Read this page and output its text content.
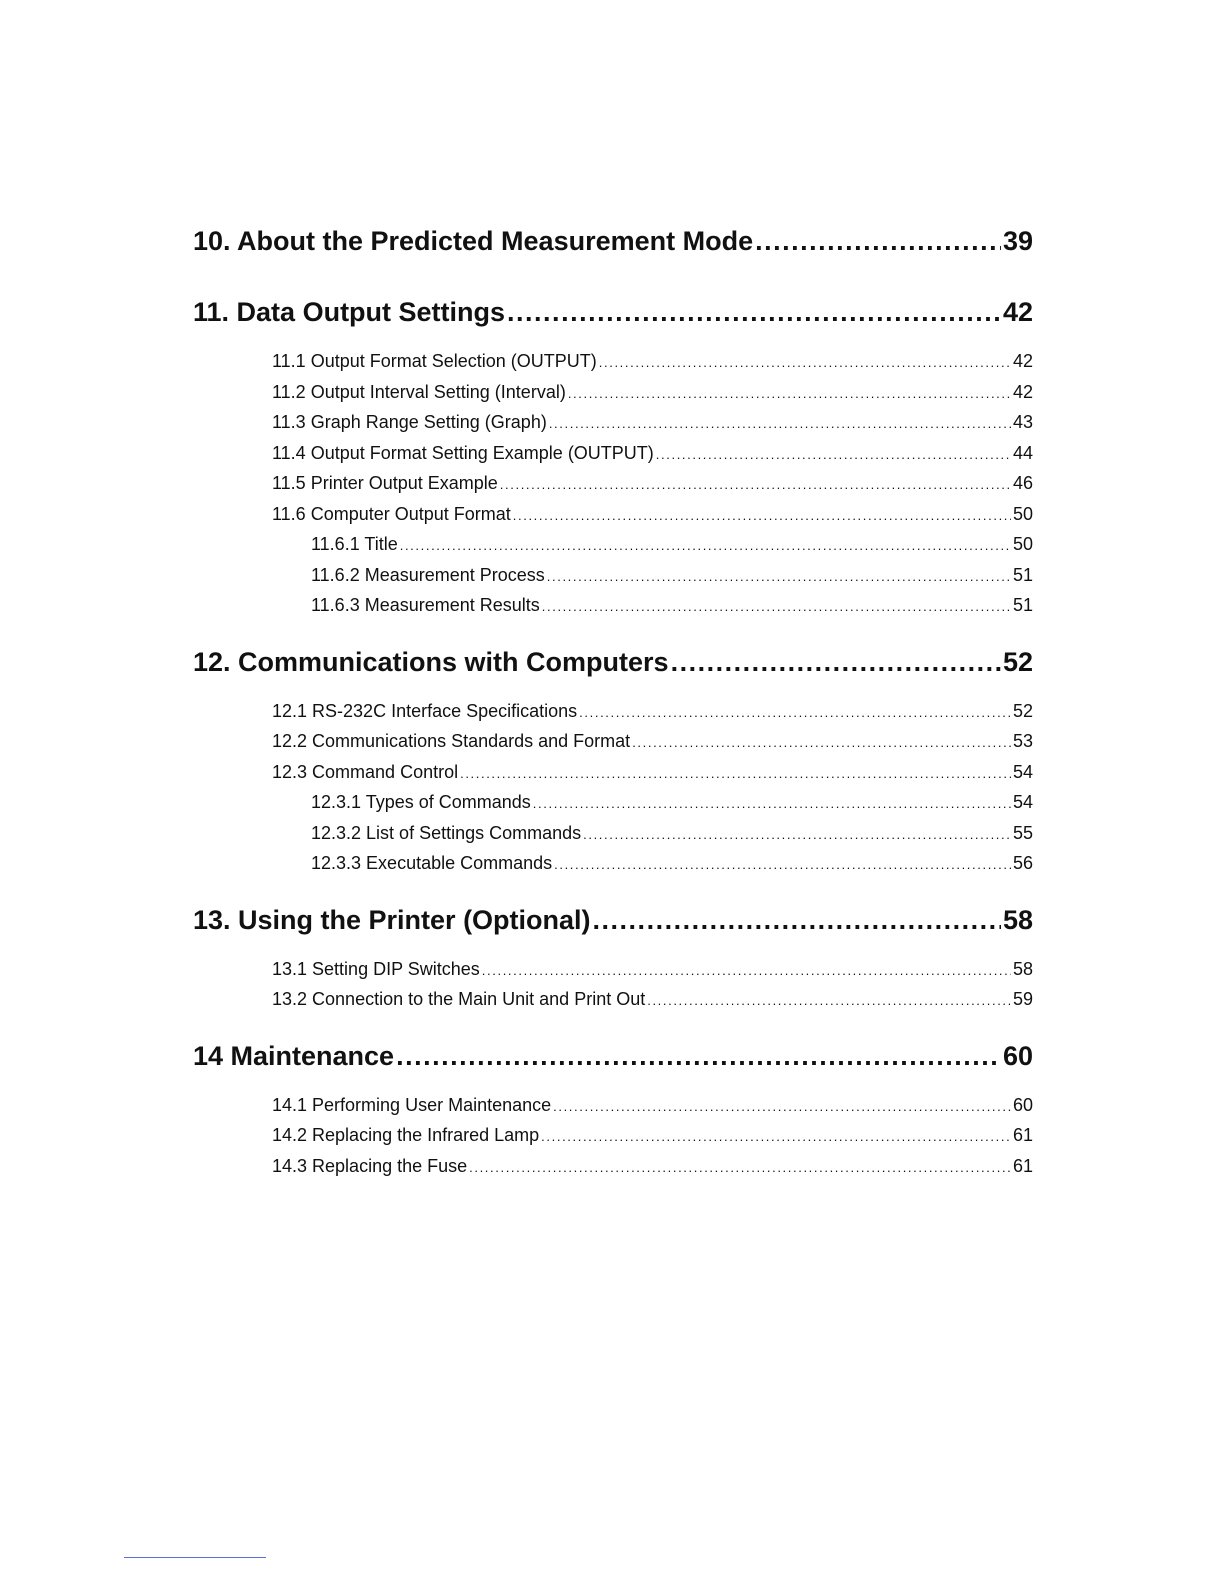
10. About the Predicted Measurement Mode . . .	39
11. Data Output Settings . . .	42
11.1 Output Format Selection (OUTPUT) . . .	42
11.2 Output Interval Setting (Interval) . . .	42
11.3 Graph Range Setting (Graph) . . .	43
11.4 Output Format Setting Example (OUTPUT) . . .	44
11.5 Printer Output Example . . .	46
11.6 Computer Output Format . . .	50
11.6.1 Title . . .	50
11.6.2 Measurement Process . . .	51
11.6.3 Measurement Results . . .	51
12. Communications with Computers . . .	52
12.1 RS-232C Interface Specifications . . .	52
12.2 Communications Standards and Format . . .	53
12.3 Command Control . . .	54
12.3.1 Types of Commands . . .	54
12.3.2 List of Settings Commands . . .	55
12.3.3 Executable Commands . . .	56
13. Using the Printer (Optional) . . .	58
13.1 Setting DIP Switches . . .	58
13.2 Connection to the Main Unit and Print Out . . .	59
14 Maintenance . . .	60
14.1 Performing User Maintenance . . .	60
14.2 Replacing the Infrared Lamp . . .	61
14.3 Replacing the Fuse . . .	61
